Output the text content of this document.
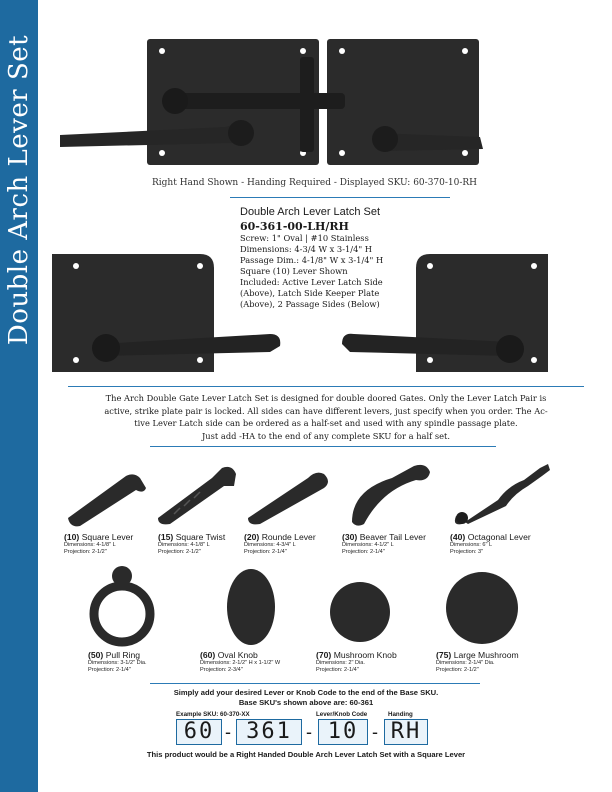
Double Arch Lever Set	Right Hand Shown - Handing Required - Displayed SKU: 60-370-10-RH
Double Arch Lever Latch Set
60-361-00-LH/RH
Screw: 1" Oval | #10 Stainless
Dimensions: 4-3/4 W x 3-1/4" H
Passage Dim.: 4-1/8" W x 3-1/4" H
Square (10) Lever Shown
Included: Active Lever Latch Side
(Above), Latch Side Keeper Plate
(Above), 2 Passage Sides (Below)

The Arch Double Gate Lever Latch Set is designed for double doored Gates. Only the Lever Latch Pair is

active, strike plate pair is locked. All sides can have different levers, just specify when you order. The Ac-

tive Lever Latch side can be ordered as a half-set and used with any spindle passage plate.

Just add -HA to the end of any complete SKU for a half set.

(10) Square Lever
Dimensions: 4-1/8" L
Projection: 2-1/2"
(15) Square Twist
Dimensions: 4-1/8" L
Projection: 2-1/2"
(20) Rounde Lever
Dimensions: 4-3/4" L
Projection: 2-1/4"
(30) Beaver Tail Lever
Dimensions: 4-1/2" L
Projection: 2-1/4"
(40) Octagonal Lever
Dimensions: 6" L
Projection: 3"
(50) Pull Ring
Dimensions: 3-1/2" Dia.
Projection: 2-1/4"
(60) Oval Knob
Dimensions: 2-1/2" H x 1-1/2" W
Projection: 2-3/4"
(70) Mushroom Knob
Dimensions: 2" Dia.
Projection: 2-1/4"
(75) Large Mushroom
Dimensions: 2-1/4" Dia.
Projection: 2-1/2"
Simply add your desired Lever or Knob Code to the end of the Base SKU.
Base SKU's shown above are: 60-361
Example SKU: 60-370-XX	Lever/Knob Code	Handing
60 - 361 - 10 - RH
This product would be a Right Handed Double Arch Lever Latch Set with a Square Lever
